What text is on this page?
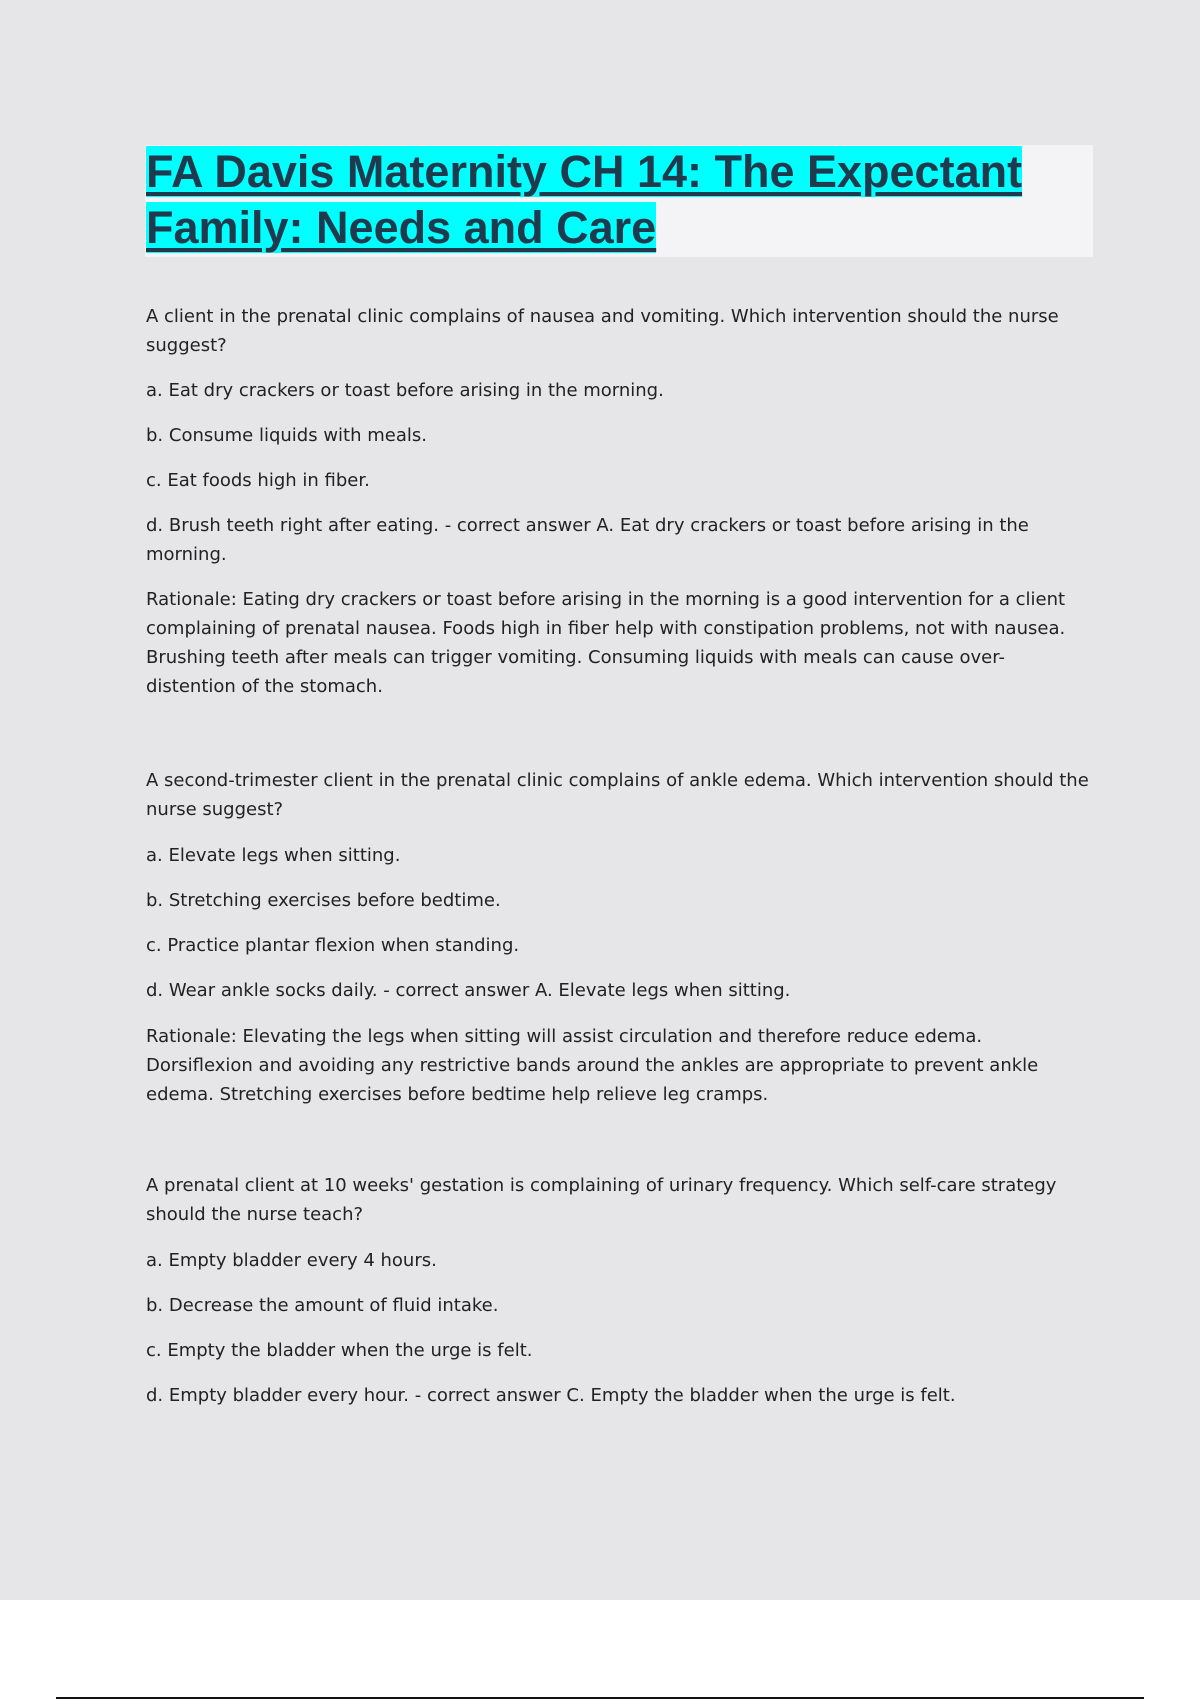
FA Davis Maternity CH 14: The Expectant Family: Needs and Care

A client in the prenatal clinic complains of nausea and vomiting. Which intervention should the nurse suggest?

a. Eat dry crackers or toast before arising in the morning.

b. Consume liquids with meals.

c. Eat foods high in fiber.

d. Brush teeth right after eating. - correct answer A. Eat dry crackers or toast before arising in the morning.

Rationale: Eating dry crackers or toast before arising in the morning is a good intervention for a client complaining of prenatal nausea. Foods high in fiber help with constipation problems, not with nausea. Brushing teeth after meals can trigger vomiting. Consuming liquids with meals can cause over-distention of the stomach.

A second-trimester client in the prenatal clinic complains of ankle edema. Which intervention should the nurse suggest?

a. Elevate legs when sitting.

b. Stretching exercises before bedtime.

c. Practice plantar flexion when standing.

d. Wear ankle socks daily. - correct answer A. Elevate legs when sitting.

Rationale: Elevating the legs when sitting will assist circulation and therefore reduce edema. Dorsiflexion and avoiding any restrictive bands around the ankles are appropriate to prevent ankle edema. Stretching exercises before bedtime help relieve leg cramps.

A prenatal client at 10 weeks' gestation is complaining of urinary frequency. Which self-care strategy should the nurse teach?

a. Empty bladder every 4 hours.

b. Decrease the amount of fluid intake.

c. Empty the bladder when the urge is felt.

d. Empty bladder every hour. - correct answer C. Empty the bladder when the urge is felt.
